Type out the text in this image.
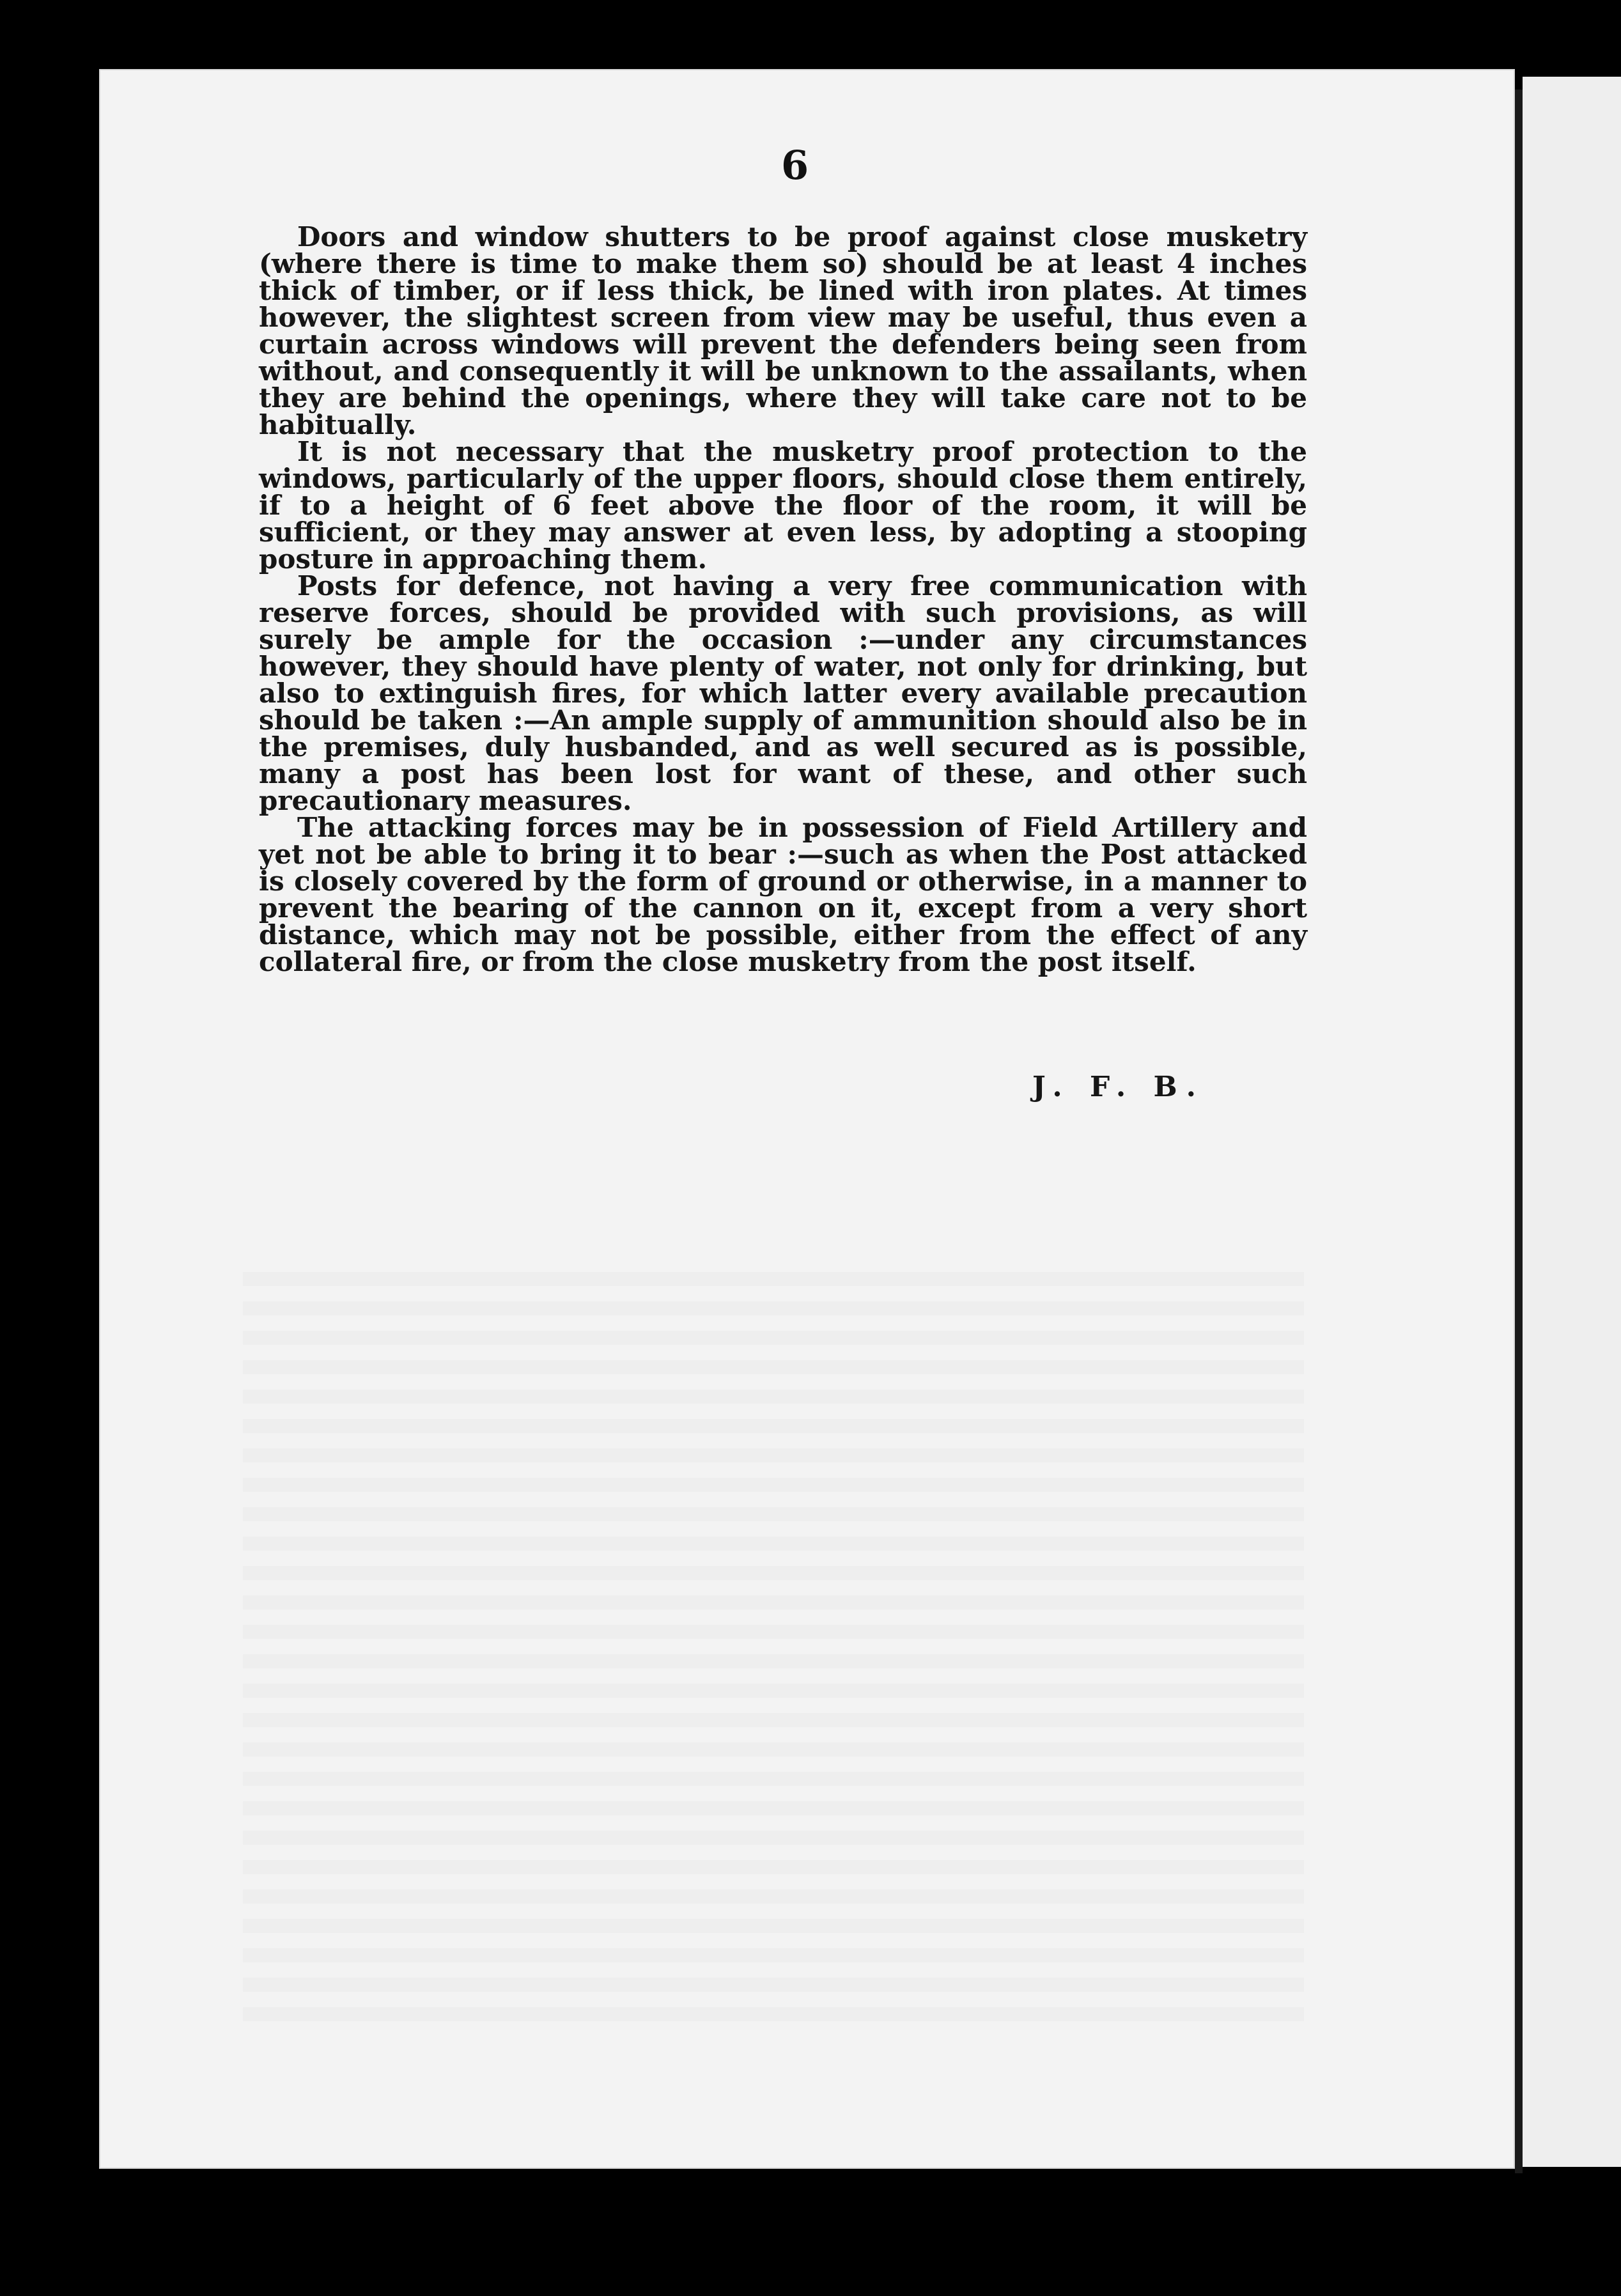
6

Doors and window shutters to be proof against close musketry (where there is time to make them so) should be at least 4 inches thick of timber, or if less thick, be lined with iron plates. At times however, the slightest screen from view may be useful, thus even a curtain across windows will prevent the defenders being seen from without, and consequently it will be unknown to the assailants, when they are behind the openings, where they will take care not to be habitually.

It is not necessary that the musketry proof protection to the windows, particularly of the upper floors, should close them entirely, if to a height of 6 feet above the floor of the room, it will be sufficient, or they may answer at even less, by adopting a stooping posture in approaching them.

Posts for defence, not having a very free communication with reserve forces, should be provided with such provisions, as will surely be ample for the occasion :—under any circumstances however, they should have plenty of water, not only for drinking, but also to extinguish fires, for which latter every available precaution should be taken :—An ample supply of ammunition should also be in the premises, duly husbanded, and as well secured as is possible, many a post has been lost for want of these, and other such precautionary measures.

The attacking forces may be in possession of Field Artillery and yet not be able to bring it to bear :—such as when the Post attacked is closely covered by the form of ground or otherwise, in a manner to prevent the bearing of the cannon on it, except from a very short distance, which may not be possible, either from the effect of any collateral fire, or from the close musketry from the post itself.

J. F. B.
